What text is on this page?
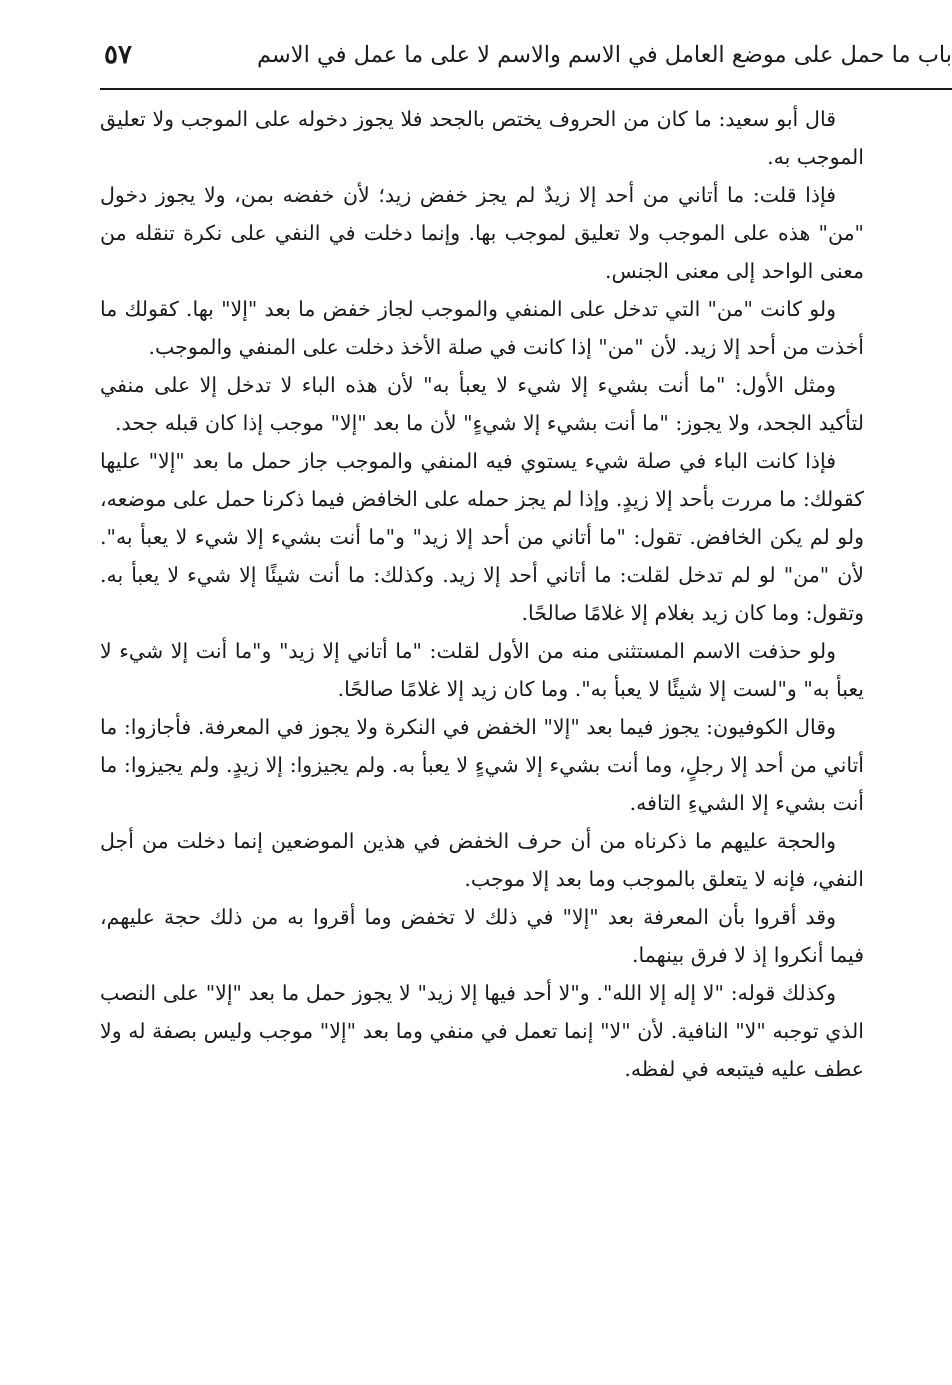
باب ما حمل على موضع العامل في الاسم والاسم لا على ما عمل في الاسم
٥٧

قال أبو سعيد: ما كان من الحروف يختص بالجحد فلا يجوز دخوله على الموجب ولا تعليق الموجب به.

فإذا قلت: ما أتاني من أحد إلا زيدٌ لم يجز خفض زيد؛ لأن خفضه بمن، ولا يجوز دخول "من" هذه على الموجب ولا تعليق لموجب بها. وإنما دخلت في النفي على نكرة تنقله من معنى الواحد إلى معنى الجنس.

ولو كانت "من" التي تدخل على المنفي والموجب لجاز خفض ما بعد "إلا" بها. كقولك ما أخذت من أحد إلا زيد. لأن "من" إذا كانت في صلة الأخذ دخلت على المنفي والموجب.

ومثل الأول: "ما أنت بشيء إلا شيء لا يعبأ به" لأن هذه الباء لا تدخل إلا على منفي لتأكيد الجحد، ولا يجوز: "ما أنت بشيء إلا شيءٍ" لأن ما بعد "إلا" موجب إذا كان قبله جحد.

فإذا كانت الباء في صلة شيء يستوي فيه المنفي والموجب جاز حمل ما بعد "إلا" عليها كقولك: ما مررت بأحد إلا زيدٍ. وإذا لم يجز حمله على الخافض فيما ذكرنا حمل على موضعه، ولو لم يكن الخافض. تقول: "ما أتاني من أحد إلا زيد" و"ما أنت بشيء إلا شيء لا يعبأ به". لأن "من" لو لم تدخل لقلت: ما أتاني أحد إلا زيد. وكذلك: ما أنت شيئًا إلا شيء لا يعبأ به. وتقول: وما كان زيد بغلام إلا غلامًا صالحًا.

ولو حذفت الاسم المستثنى منه من الأول لقلت: "ما أتاني إلا زيد" و"ما أنت إلا شيء لا يعبأ به" و"لست إلا شيئًا لا يعبأ به". وما كان زيد إلا غلامًا صالحًا.

وقال الكوفيون: يجوز فيما بعد "إلا" الخفض في النكرة ولا يجوز في المعرفة. فأجازوا: ما أتاني من أحد إلا رجلٍ، وما أنت بشيء إلا شيءٍ لا يعبأ به. ولم يجيزوا: إلا زيدٍ. ولم يجيزوا: ما أنت بشيء إلا الشيءِ التافه.

والحجة عليهم ما ذكرناه من أن حرف الخفض في هذين الموضعين إنما دخلت من أجل النفي، فإنه لا يتعلق بالموجب وما بعد إلا موجب.

وقد أقروا بأن المعرفة بعد "إلا" في ذلك لا تخفض وما أقروا به من ذلك حجة عليهم، فيما أنكروا إذ لا فرق بينهما.

وكذلك قوله: "لا إله إلا الله". و"لا أحد فيها إلا زيد" لا يجوز حمل ما بعد "إلا" على النصب الذي توجبه "لا" النافية. لأن "لا" إنما تعمل في منفي وما بعد "إلا" موجب وليس بصفة له ولا عطف عليه فيتبعه في لفظه.
